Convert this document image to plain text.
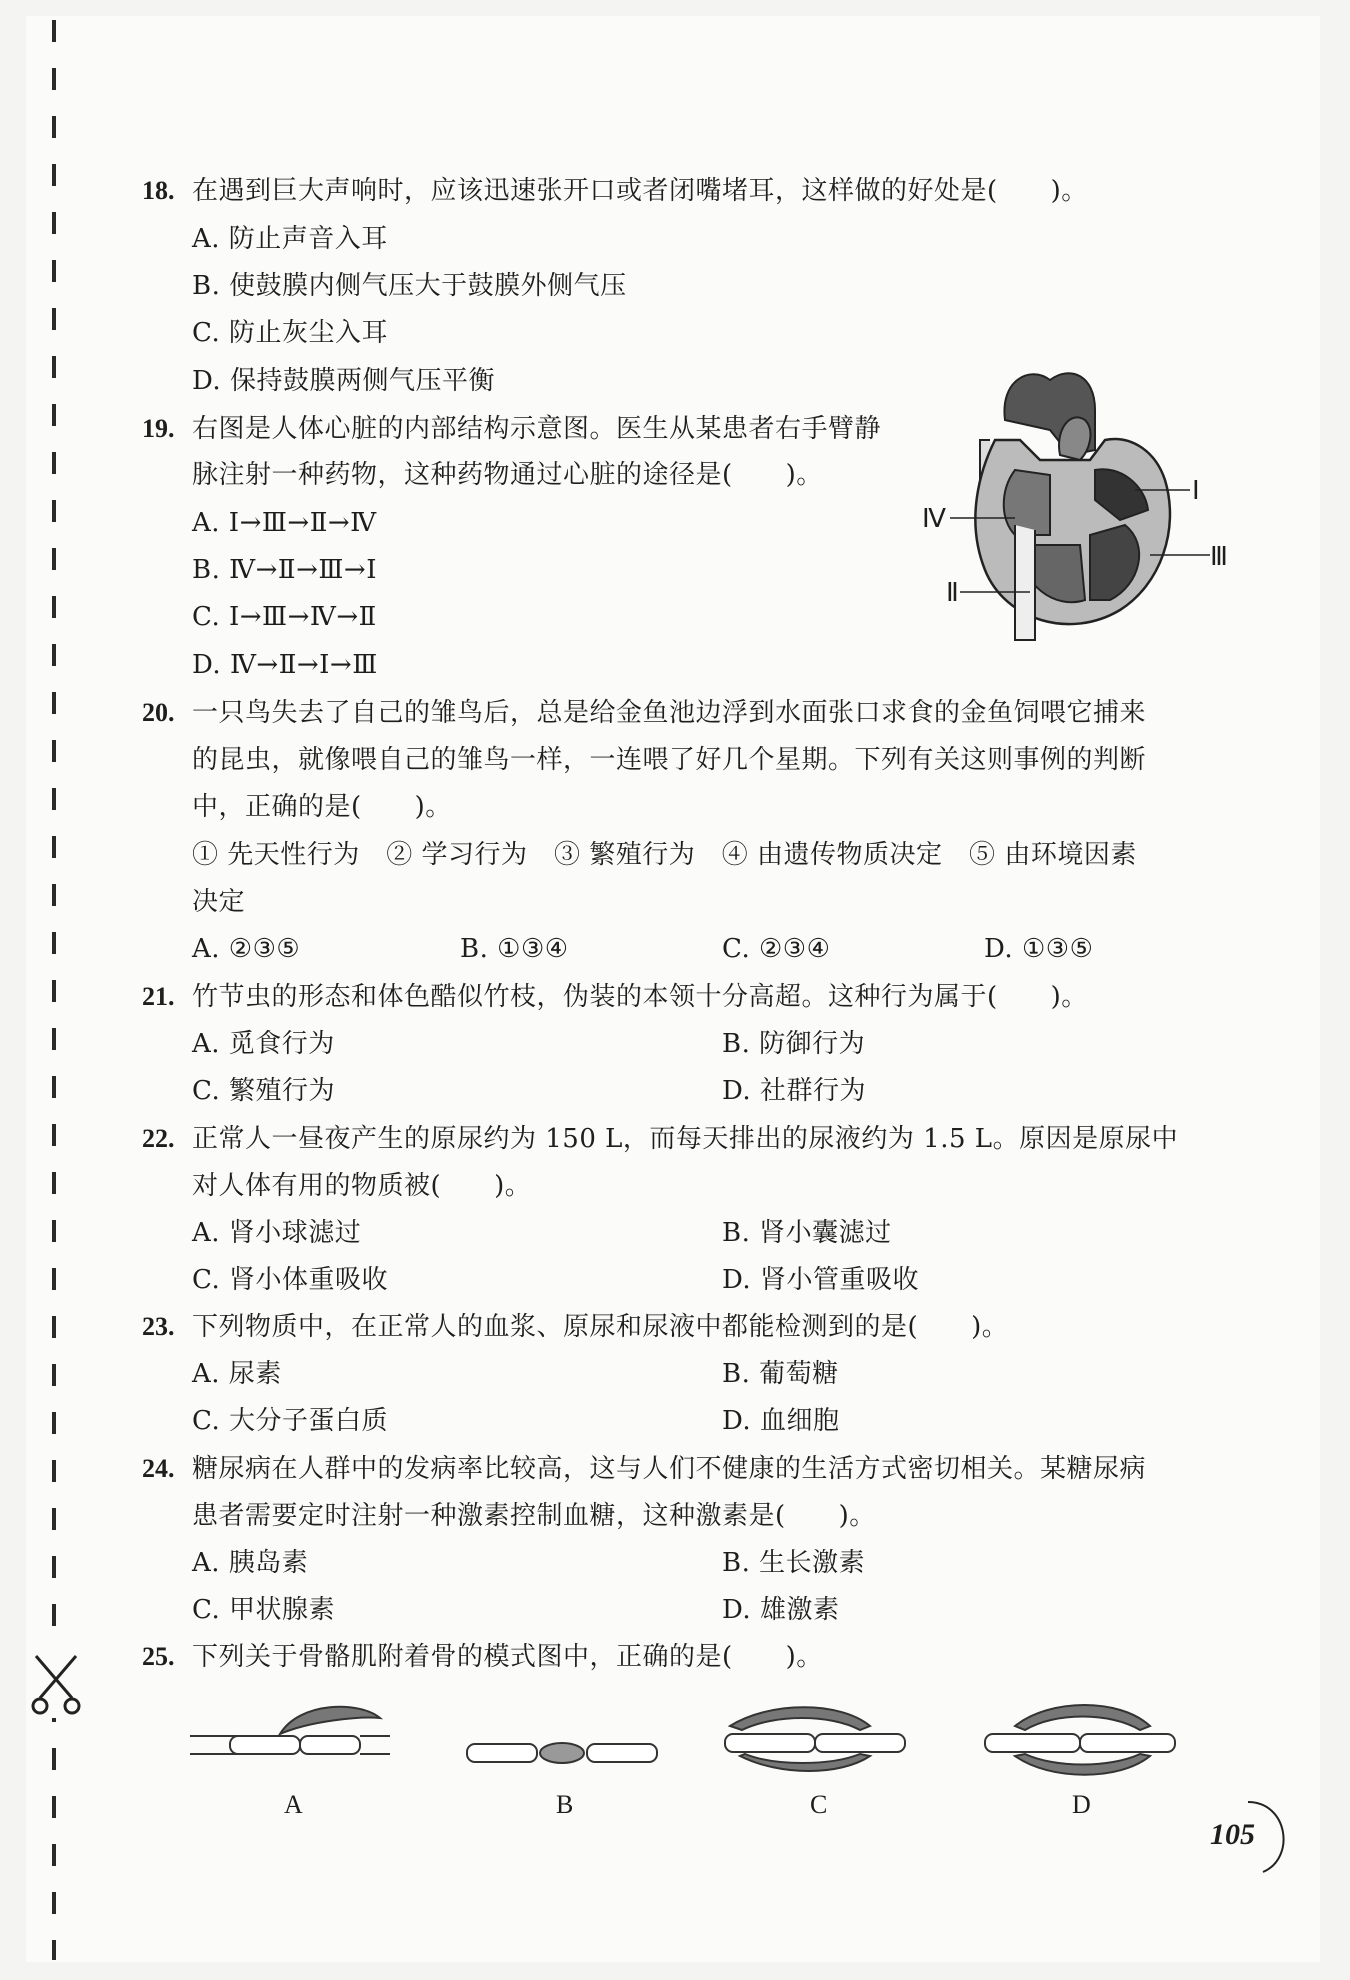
18. 在遇到巨大声响时，应该迅速张开口或者闭嘴堵耳，这样做的好处是(　　)。
A. 防止声音入耳
B. 使鼓膜内侧气压大于鼓膜外侧气压
C. 防止灰尘入耳
D. 保持鼓膜两侧气压平衡
19. 右图是人体心脏的内部结构示意图。医生从某患者右手臂静
脉注射一种药物，这种药物通过心脏的途径是(　　)。
A. Ⅰ→Ⅲ→Ⅱ→Ⅳ
B. Ⅳ→Ⅱ→Ⅲ→Ⅰ
C. Ⅰ→Ⅲ→Ⅳ→Ⅱ
D. Ⅳ→Ⅱ→Ⅰ→Ⅲ
Ⅰ
Ⅱ
Ⅲ
Ⅳ
20. 一只鸟失去了自己的雏鸟后，总是给金鱼池边浮到水面张口求食的金鱼饲喂它捕来
的昆虫，就像喂自己的雏鸟一样，一连喂了好几个星期。下列有关这则事例的判断
中，正确的是(　　)。
① 先天性行为　② 学习行为　③ 繁殖行为　④ 由遗传物质决定　⑤ 由环境因素
决定
A. ②③⑤	B. ①③④	C. ②③④	D. ①③⑤
21. 竹节虫的形态和体色酷似竹枝，伪装的本领十分高超。这种行为属于(　　)。
A. 觅食行为	B. 防御行为
C. 繁殖行为	D. 社群行为
22. 正常人一昼夜产生的原尿约为 150 L，而每天排出的尿液约为 1.5 L。原因是原尿中
对人体有用的物质被(　　)。
A. 肾小球滤过	B. 肾小囊滤过
C. 肾小体重吸收	D. 肾小管重吸收
23. 下列物质中，在正常人的血浆、原尿和尿液中都能检测到的是(　　)。
A. 尿素	B. 葡萄糖
C. 大分子蛋白质	D. 血细胞
24. 糖尿病在人群中的发病率比较高，这与人们不健康的生活方式密切相关。某糖尿病
患者需要定时注射一种激素控制血糖，这种激素是(　　)。
A. 胰岛素	B. 生长激素
C. 甲状腺素	D. 雄激素
25. 下列关于骨骼肌附着骨的模式图中，正确的是(　　)。
A	B	C	D
105
